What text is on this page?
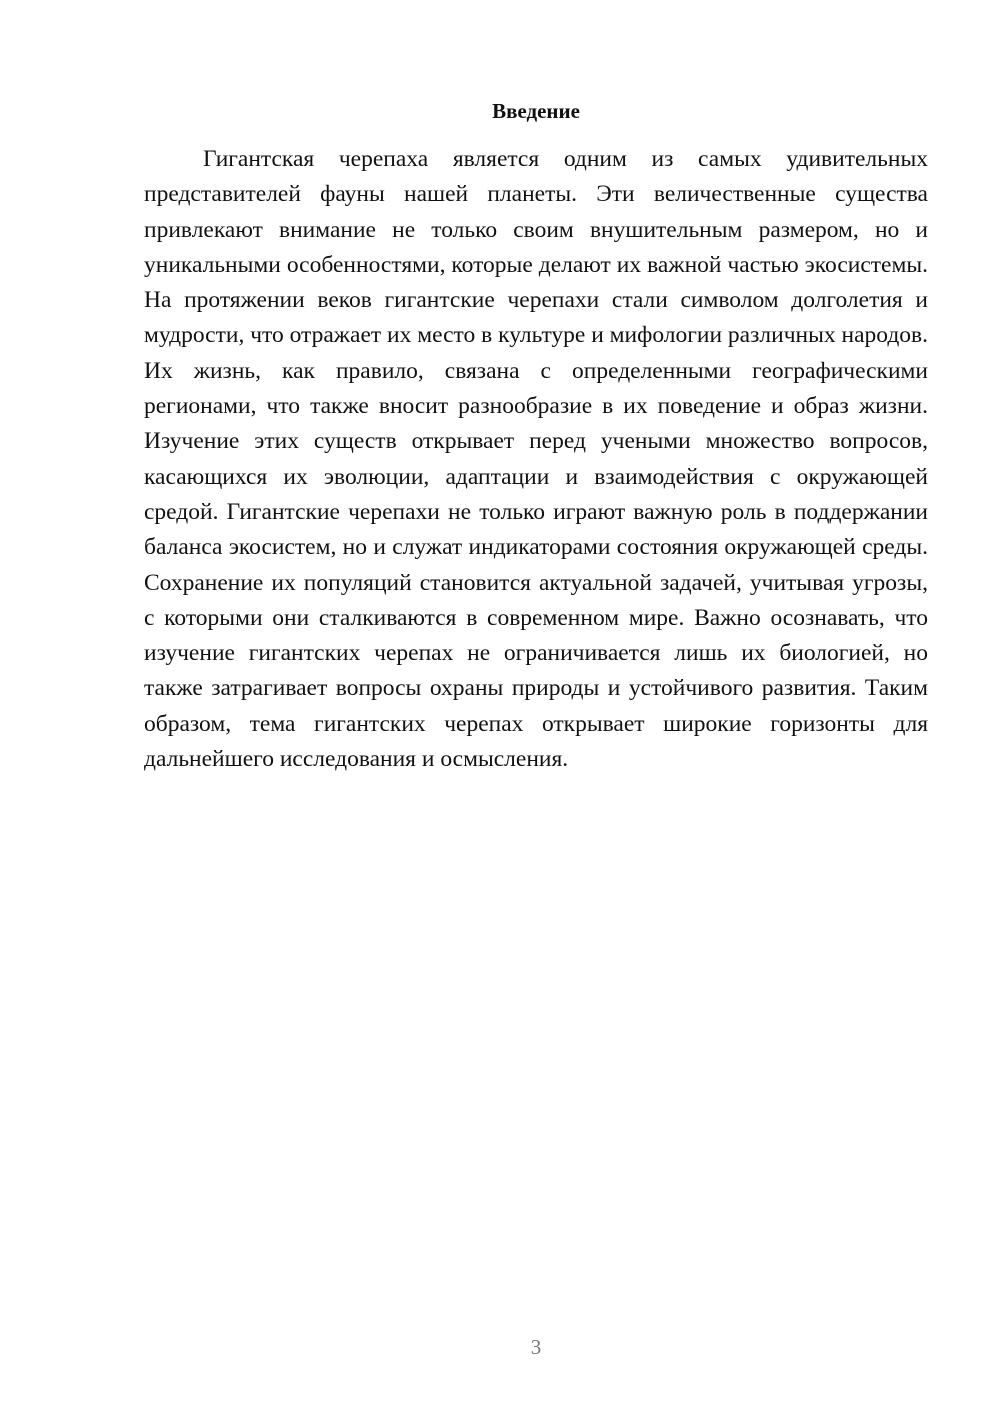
Введение

Гигантская черепаха является одним из самых удивительных представителей фауны нашей планеты. Эти величественные существа привлекают внимание не только своим внушительным размером, но и уникальными особенностями, которые делают их важной частью экосистемы. На протяжении веков гигантские черепахи стали символом долголетия и мудрости, что отражает их место в культуре и мифологии различных народов. Их жизнь, как правило, связана с определенными географическими регионами, что также вносит разнообразие в их поведение и образ жизни. Изучение этих существ открывает перед учеными множество вопросов, касающихся их эволюции, адаптации и взаимодействия с окружающей средой. Гигантские черепахи не только играют важную роль в поддержании баланса экосистем, но и служат индикаторами состояния окружающей среды. Сохранение их популяций становится актуальной задачей, учитывая угрозы, с которыми они сталкиваются в современном мире. Важно осознавать, что изучение гигантских черепах не ограничивается лишь их биологией, но также затрагивает вопросы охраны природы и устойчивого развития. Таким образом, тема гигантских черепах открывает широкие горизонты для дальнейшего исследования и осмысления.

3
